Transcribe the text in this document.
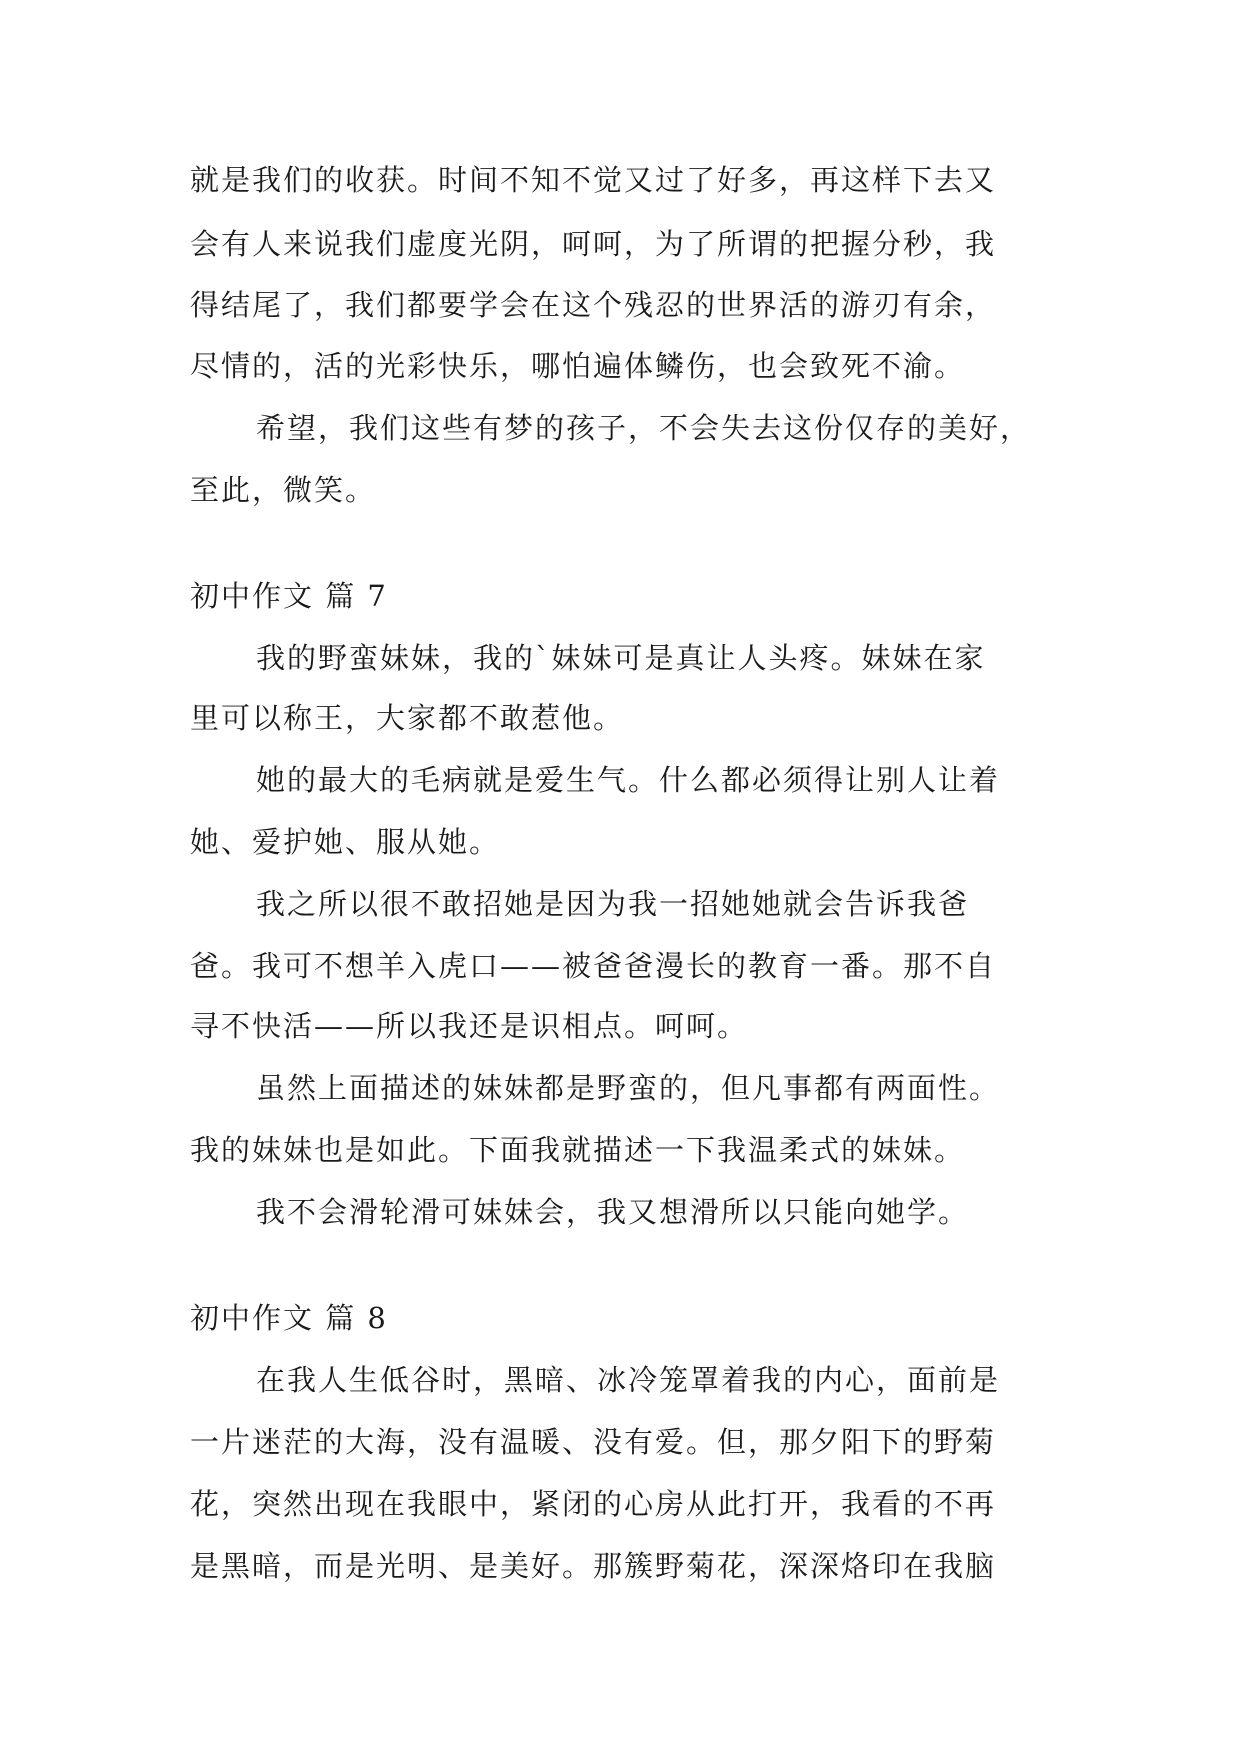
就是我们的收获。时间不知不觉又过了好多，再这样下去又
会有人来说我们虚度光阴，呵呵，为了所谓的把握分秒，我
得结尾了，我们都要学会在这个残忍的世界活的游刃有余，
尽情的，活的光彩快乐，哪怕遍体鳞伤，也会致死不渝。
希望，我们这些有梦的孩子，不会失去这份仅存的美好，
至此，微笑。
初中作文 篇 7
我的野蛮妹妹，我的`妹妹可是真让人头疼。妹妹在家
里可以称王，大家都不敢惹他。
她的最大的毛病就是爱生气。什么都必须得让别人让着
她、爱护她、服从她。
我之所以很不敢招她是因为我一招她她就会告诉我爸
爸。我可不想羊入虎口——被爸爸漫长的教育一番。那不自
寻不快活——所以我还是识相点。呵呵。
虽然上面描述的妹妹都是野蛮的，但凡事都有两面性。
我的妹妹也是如此。下面我就描述一下我温柔式的妹妹。
我不会滑轮滑可妹妹会，我又想滑所以只能向她学。
初中作文 篇 8
在我人生低谷时，黑暗、冰冷笼罩着我的内心，面前是
一片迷茫的大海，没有温暖、没有爱。但，那夕阳下的野菊
花，突然出现在我眼中，紧闭的心房从此打开，我看的不再
是黑暗，而是光明、是美好。那簇野菊花，深深烙印在我脑
